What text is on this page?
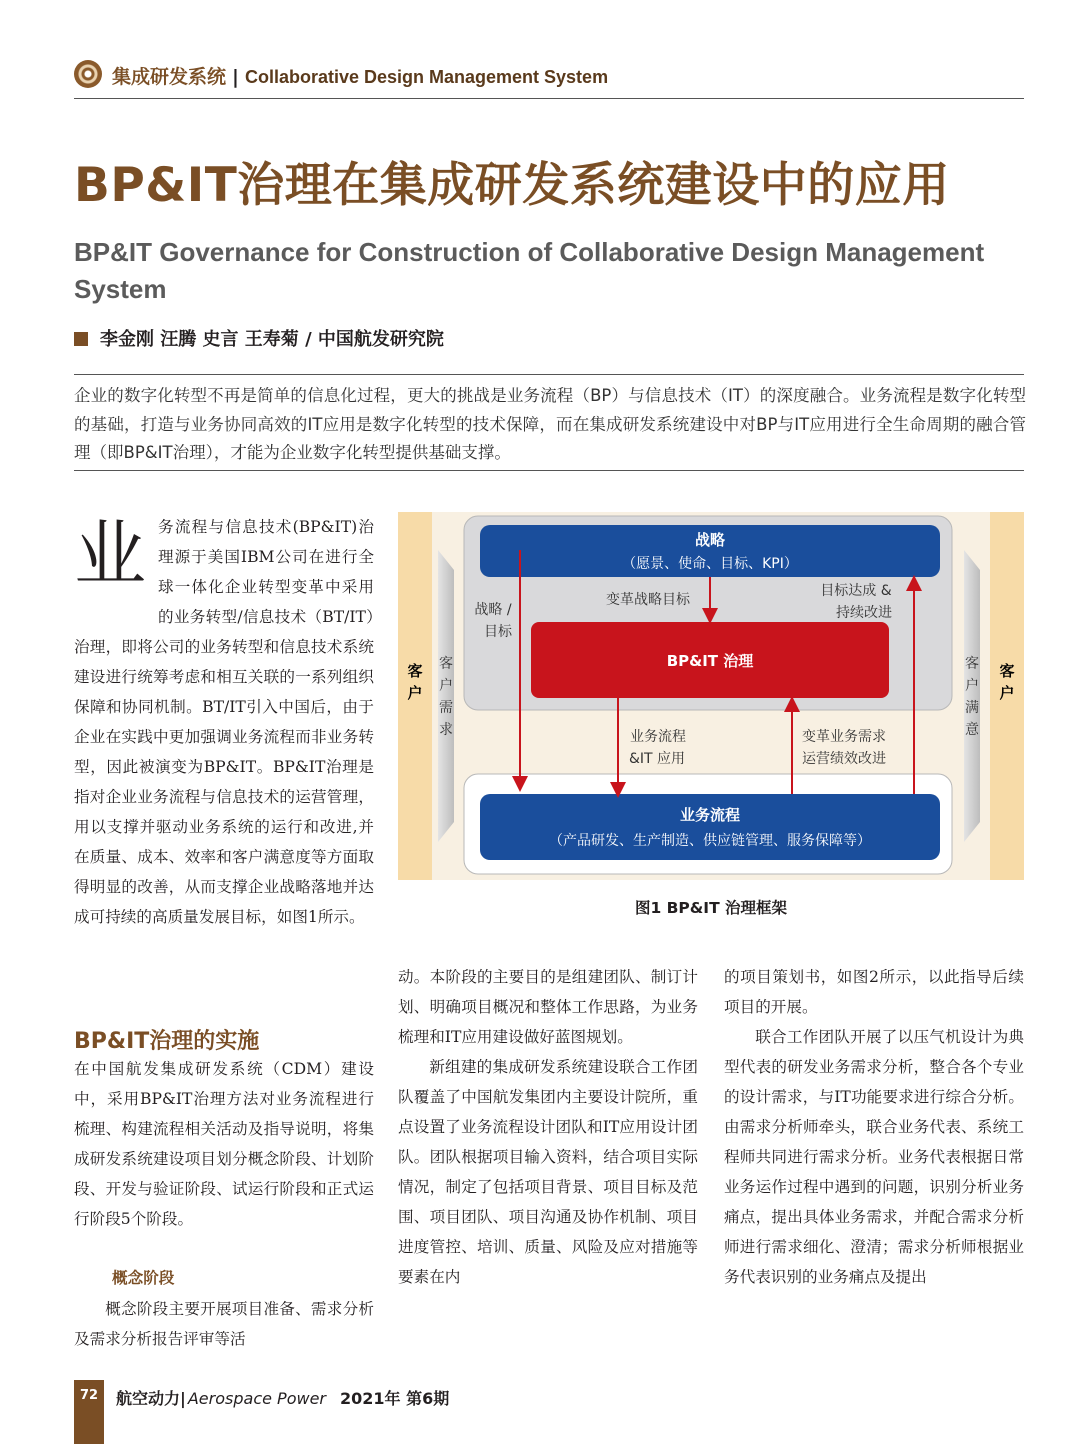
集成研发系统 | Collaborative Design Management System
BP&IT治理在集成研发系统建设中的应用
BP&IT Governance for Construction of Collaborative Design Management System
李金刚 汪腾 史言 王寿菊 / 中国航发研究院
企业的数字化转型不再是简单的信息化过程，更大的挑战是业务流程（BP）与信息技术（IT）的深度融合。业务流程是数字化转型的基础，打造与业务协同高效的IT应用是数字化转型的技术保障，而在集成研发系统建设中对BP与IT应用进行全生命周期的融合管理（即BP&IT治理），才能为企业数字化转型提供基础支撑。
业务流程与信息技术(BP&IT)治理源于美国IBM公司在进行全球一体化企业转型变革中采用的业务转型/信息技术（BT/IT）治理，即将公司的业务转型和信息技术系统建设进行统筹考虑和相互关联的一系列组织保障和协同机制。BT/IT引入中国后，由于企业在实践中更加强调业务流程而非业务转型，因此被演变为BP&IT。BP&IT治理是指对企业业务流程与信息技术的运营管理，用以支撑并驱动业务系统的运行和改进,并在质量、成本、效率和客户满意度等方面取得明显的改善，从而支撑企业战略落地并达成可持续的高质量发展目标，如图1所示。
BP&IT治理的实施
在中国航发集成研发系统（CDM）建设中，采用BP&IT治理方法对业务流程进行梳理、构建流程相关活动及指导说明，将集成研发系统建设项目划分概念阶段、计划阶段、开发与验证阶段、试运行阶段和正式运行阶段5个阶段。
概念阶段
概念阶段主要开展项目准备、需求分析及需求分析报告评审等活

动。本阶段的主要目的是组建团队、制订计划、明确项目概况和整体工作思路，为业务梳理和IT应用建设做好蓝图规划。

新组建的集成研发系统建设联合工作团队覆盖了中国航发集团内主要设计院所，重点设置了业务流程设计团队和IT应用设计团队。团队根据项目输入资料，结合项目实际情况，制定了包括项目背景、项目目标及范围、项目团队、项目沟通及协作机制、项目进度管控、培训、质量、风险及应对措施等要素在内

的项目策划书，如图2所示，以此指导后续项目的开展。

联合工作团队开展了以压气机设计为典型代表的研发业务需求分析，整合各个专业的设计需求，与IT功能要求进行综合分析。由需求分析师牵头，联合业务代表、系统工程师共同进行需求分析。业务代表根据日常业务运作过程中遇到的问题，识别分析业务痛点，提出具体业务需求，并配合需求分析师进行需求细化、澄清；需求分析师根据业务代表识别的业务痛点及提出

客
户
客
户
客
户
需
求
客
户
满
意
战略
（愿景、使命、目标、KPI）
BP&IT 治理
业务流程
（产品研发、生产制造、供应链管理、服务保障等）
战略 /
目标
变革战略目标
目标达成 &
持续改进
业务流程
&IT 应用
变革业务需求
运营绩效改进
图1 BP&IT 治理框架
72	航空动力| Aerospace Power 2021年 第6期
